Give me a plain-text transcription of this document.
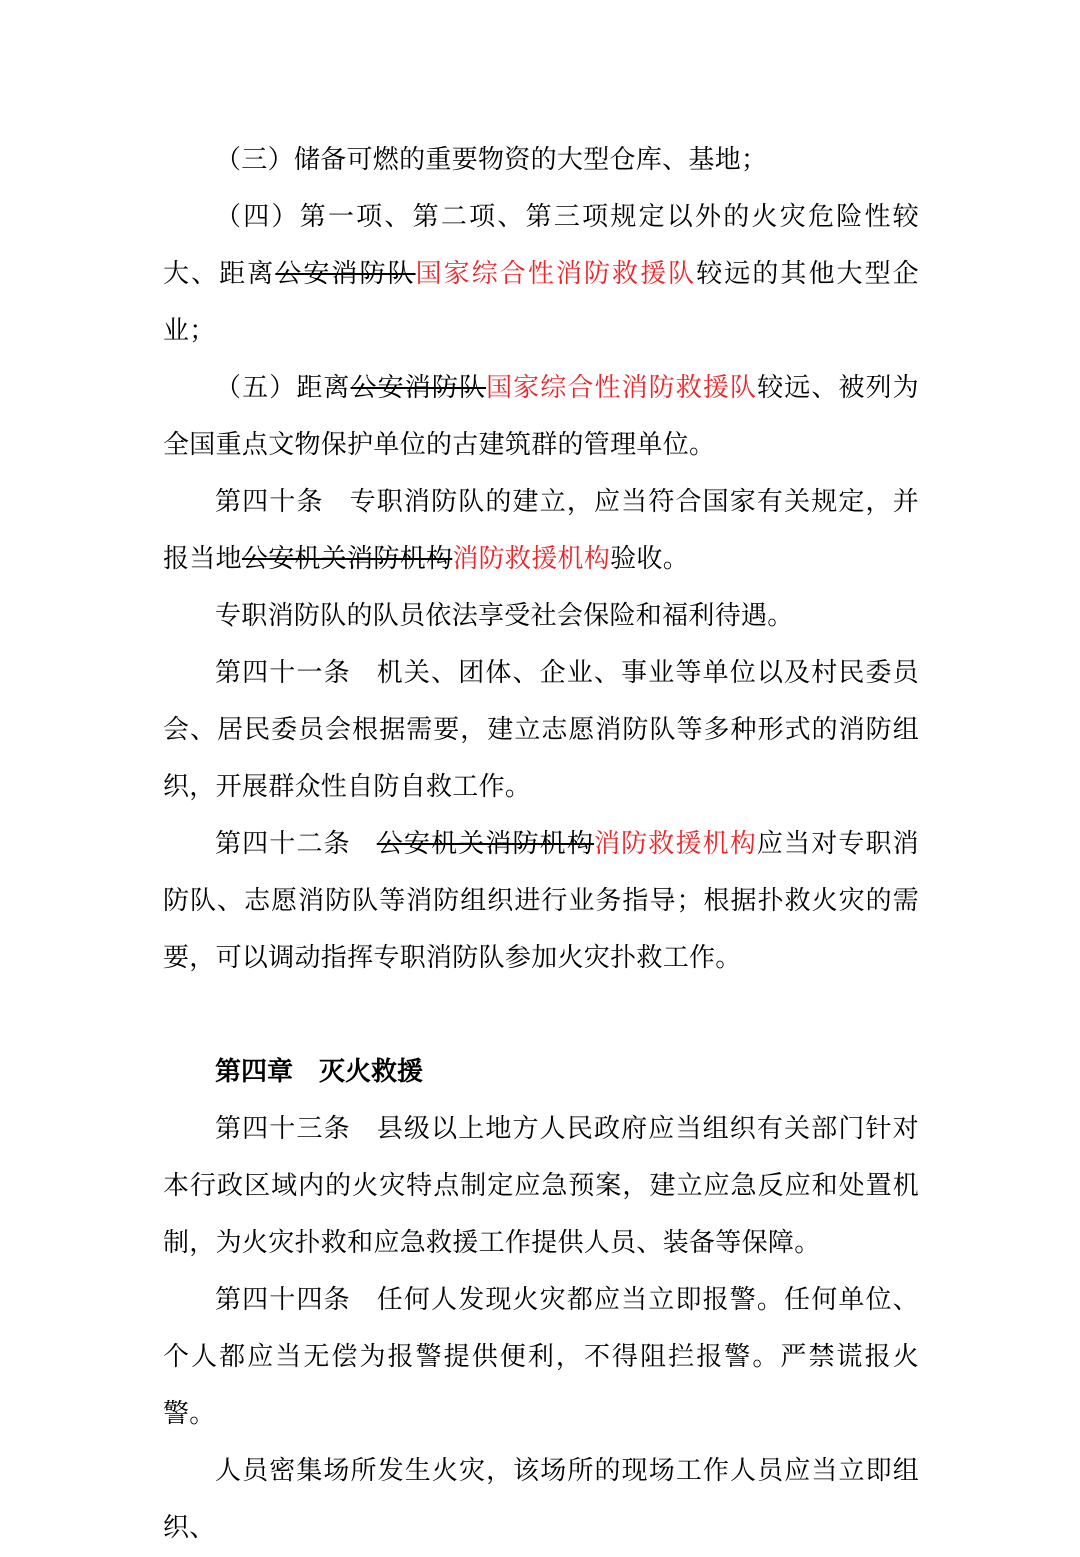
（三）储备可燃的重要物资的大型仓库、基地；

（四）第一项、第二项、第三项规定以外的火灾危险性较大、距离公安消防队国家综合性消防救援队较远的其他大型企业；

（五）距离公安消防队国家综合性消防救援队较远、被列为全国重点文物保护单位的古建筑群的管理单位。

第四十条 专职消防队的建立，应当符合国家有关规定，并报当地公安机关消防机构消防救援机构验收。

专职消防队的队员依法享受社会保险和福利待遇。

第四十一条 机关、团体、企业、事业等单位以及村民委员会、居民委员会根据需要，建立志愿消防队等多种形式的消防组织，开展群众性自防自救工作。

第四十二条 公安机关消防机构消防救援机构应当对专职消防队、志愿消防队等消防组织进行业务指导；根据扑救火灾的需要，可以调动指挥专职消防队参加火灾扑救工作。

第四章 灭火救援

第四十三条 县级以上地方人民政府应当组织有关部门针对本行政区域内的火灾特点制定应急预案，建立应急反应和处置机制，为火灾扑救和应急救援工作提供人员、装备等保障。

第四十四条 任何人发现火灾都应当立即报警。任何单位、个人都应当无偿为报警提供便利，不得阻拦报警。严禁谎报火警。

人员密集场所发生火灾，该场所的现场工作人员应当立即组织、
